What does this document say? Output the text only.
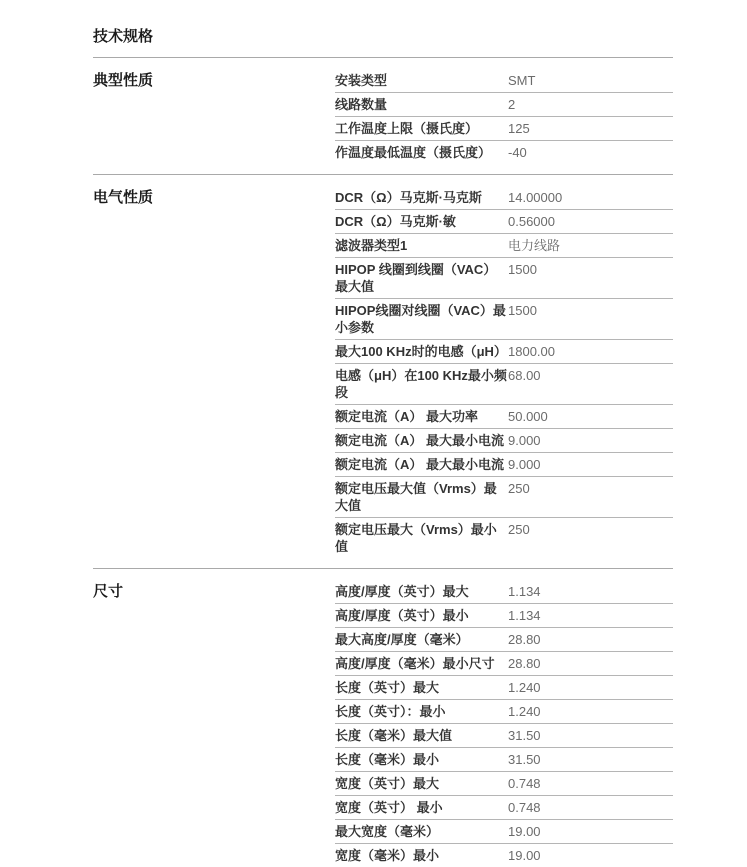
技术规格
典型性质	安装类型	SMT
线路数量	2
工作温度上限（摄氏度）	125
作温度最低温度（摄氏度）	-40
电气性质	DCR（Ω）马克斯·马克斯	14.00000
DCR（Ω）马克斯·敏	0.56000
滤波器类型1	电力线路
HIPOP 线圈到线圈（VAC）最大值
1500
HIPOP线圈对线圈（VAC）最小参数
1500
最大100 KHz时的电感（μH） 1800.00
电感（μH）在100 KHz最小频段
68.00
额定电流（A） 最大功率	50.000
额定电流（A） 最大最小电流 9.000
额定电流（A） 最大最小电流 9.000
额定电压最大值（Vrms）最大值
250
额定电压最大（Vrms）最小值
250
尺寸	高度/厚度（英寸）最大	1.134
高度/厚度（英寸）最小	1.134
最大高度/厚度（毫米）	28.80
高度/厚度（毫米）最小尺寸	28.80
长度（英寸）最大	1.240
长度（英寸）：最小	1.240
长度（毫米）最大值	31.50
长度（毫米）最小	31.50
宽度（英寸）最大	0.748
宽度（英寸） 最小	0.748
最大宽度（毫米）	19.00
宽度（毫米）最小	19.00
